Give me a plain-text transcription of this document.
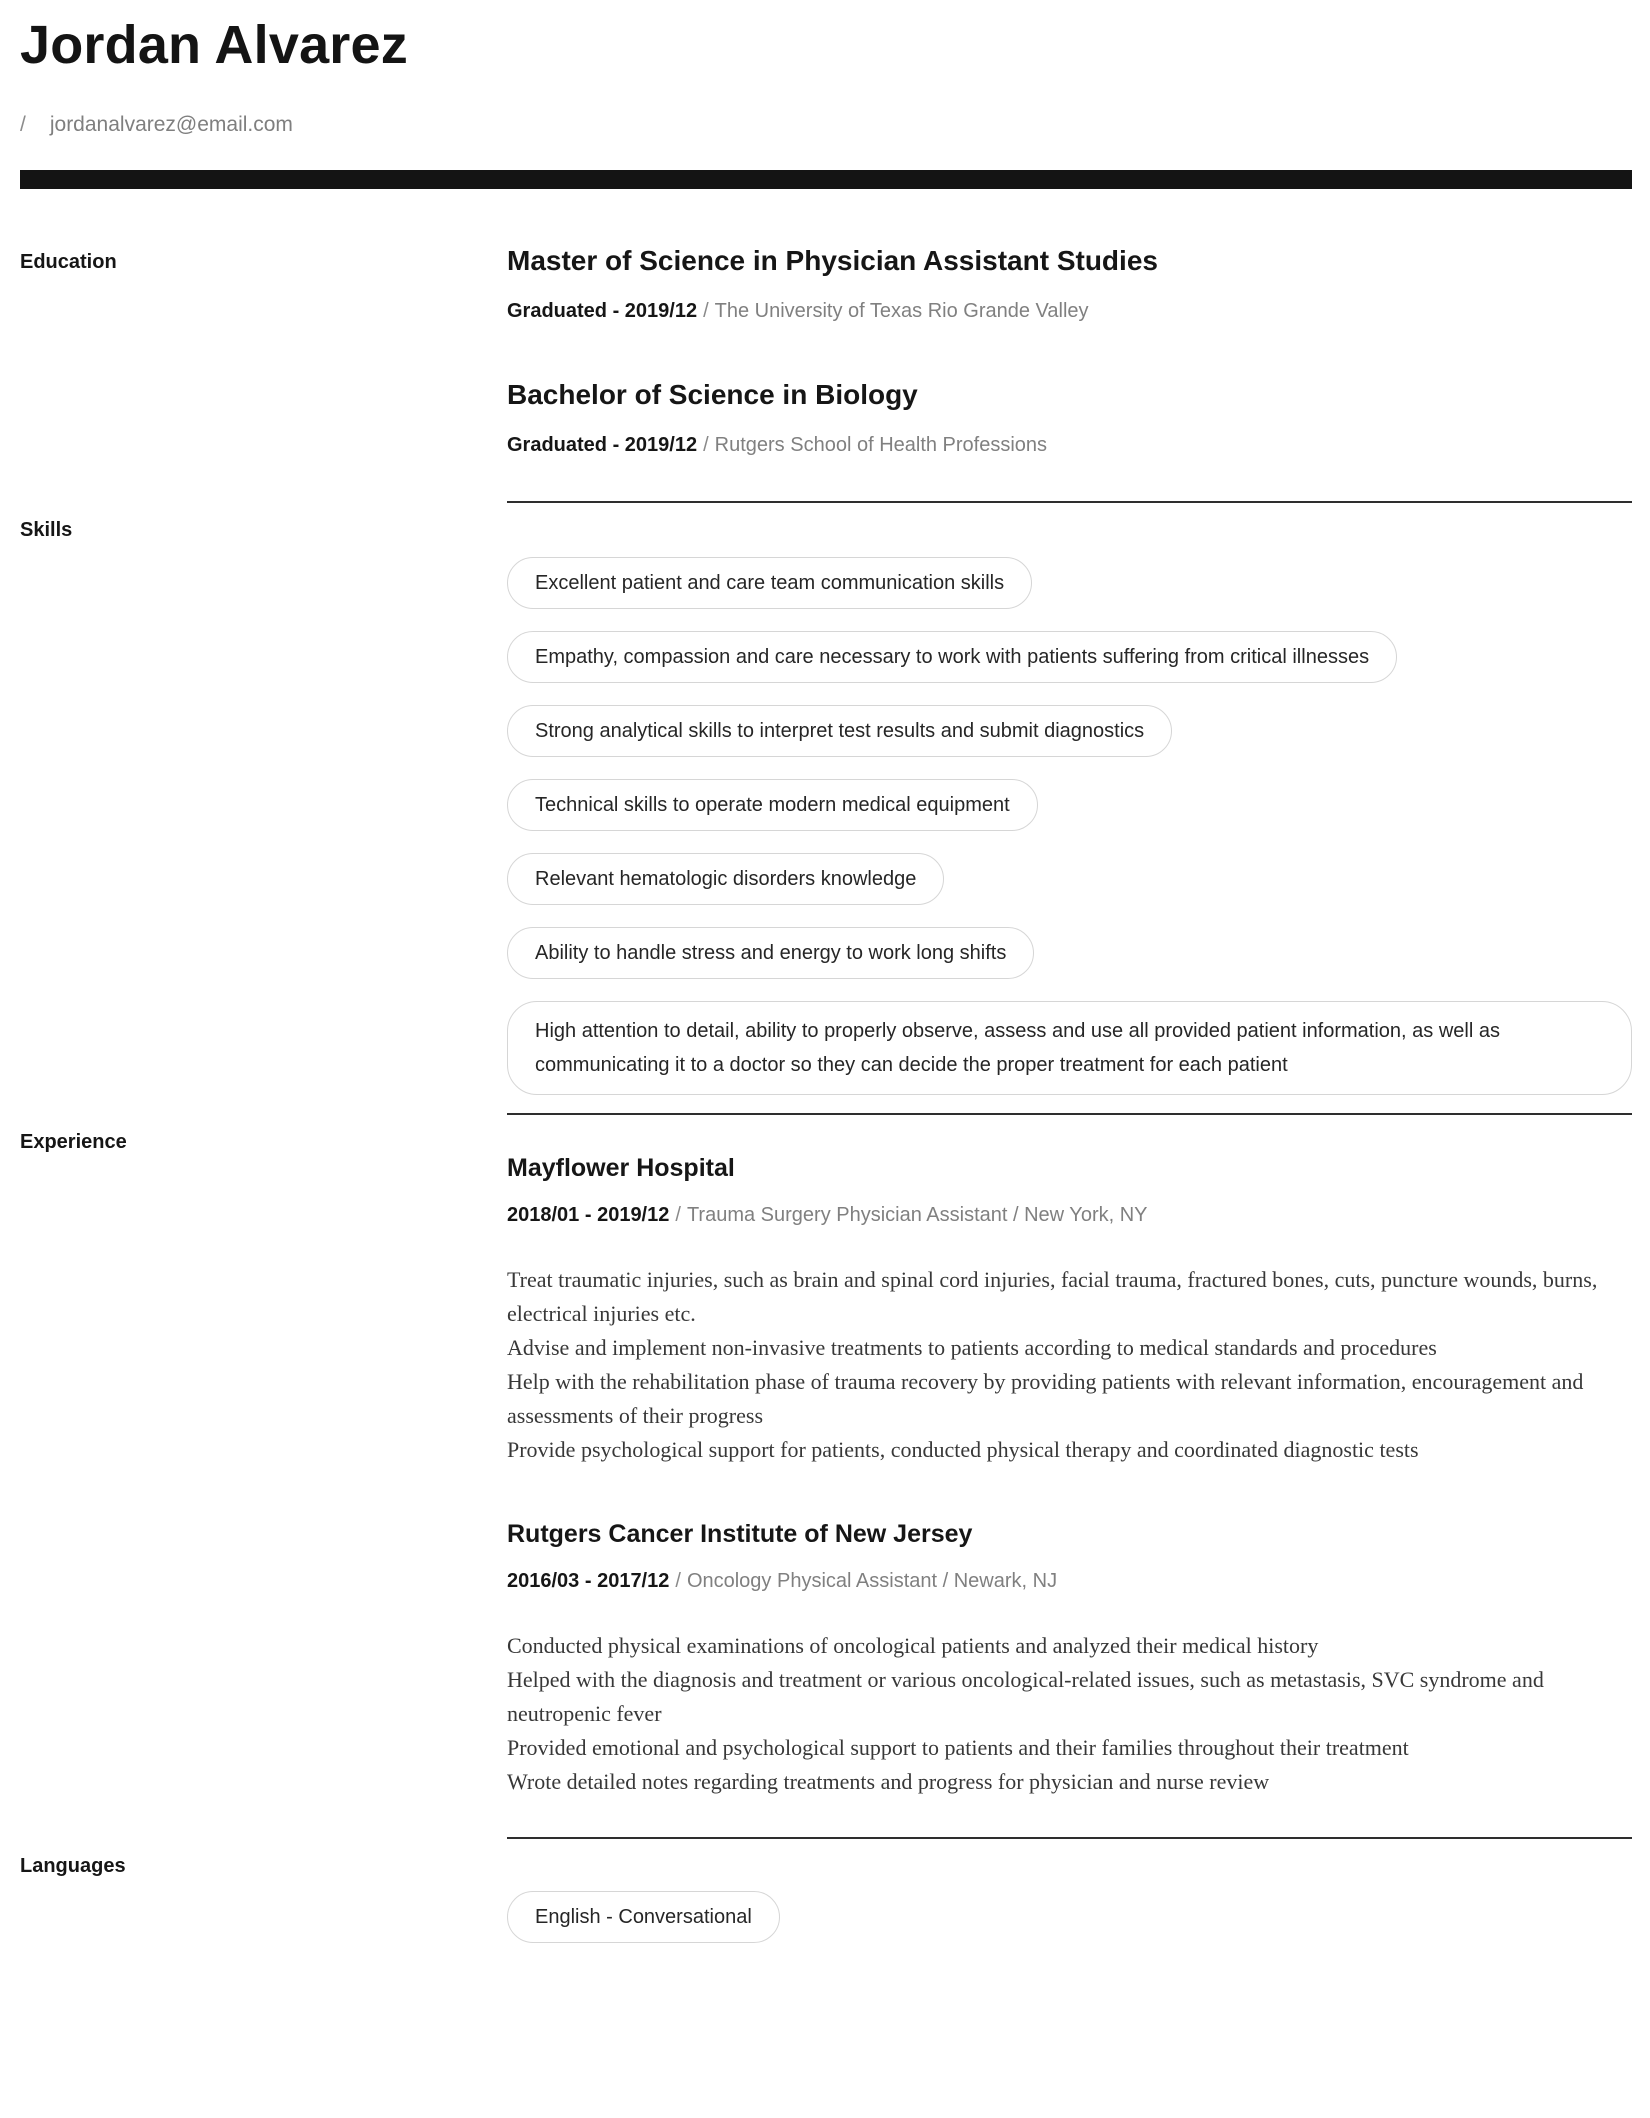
Jordan Alvarez
/ jordanalvarez@email.com
Education	Master of Science in Physician Assistant Studies
Graduated - 2019/12 / The University of Texas Rio Grande Valley
Bachelor of Science in Biology
Graduated - 2019/12 / Rutgers School of Health Professions
Skills
Excellent patient and care team communication skills
Empathy, compassion and care necessary to work with patients suffering from critical illnesses
Strong analytical skills to interpret test results and submit diagnostics
Technical skills to operate modern medical equipment
Relevant hematologic disorders knowledge
Ability to handle stress and energy to work long shifts
High attention to detail, ability to properly observe, assess and use all provided patient information, as well as communicating it to a doctor so they can decide the proper treatment for each patient
Experience
Mayflower Hospital
2018/01 - 2019/12 / Trauma Surgery Physician Assistant / New York, NY
Treat traumatic injuries, such as brain and spinal cord injuries, facial trauma, fractured bones, cuts, puncture wounds, burns, electrical injuries etc.
Advise and implement non-invasive treatments to patients according to medical standards and procedures
Help with the rehabilitation phase of trauma recovery by providing patients with relevant information, encouragement and assessments of their progress
Provide psychological support for patients, conducted physical therapy and coordinated diagnostic tests
Rutgers Cancer Institute of New Jersey
2016/03 - 2017/12 / Oncology Physical Assistant / Newark, NJ
Conducted physical examinations of oncological patients and analyzed their medical history
Helped with the diagnosis and treatment or various oncological-related issues, such as metastasis, SVC syndrome and neutropenic fever
Provided emotional and psychological support to patients and their families throughout their treatment
Wrote detailed notes regarding treatments and progress for physician and nurse review
Languages
English - Conversational
